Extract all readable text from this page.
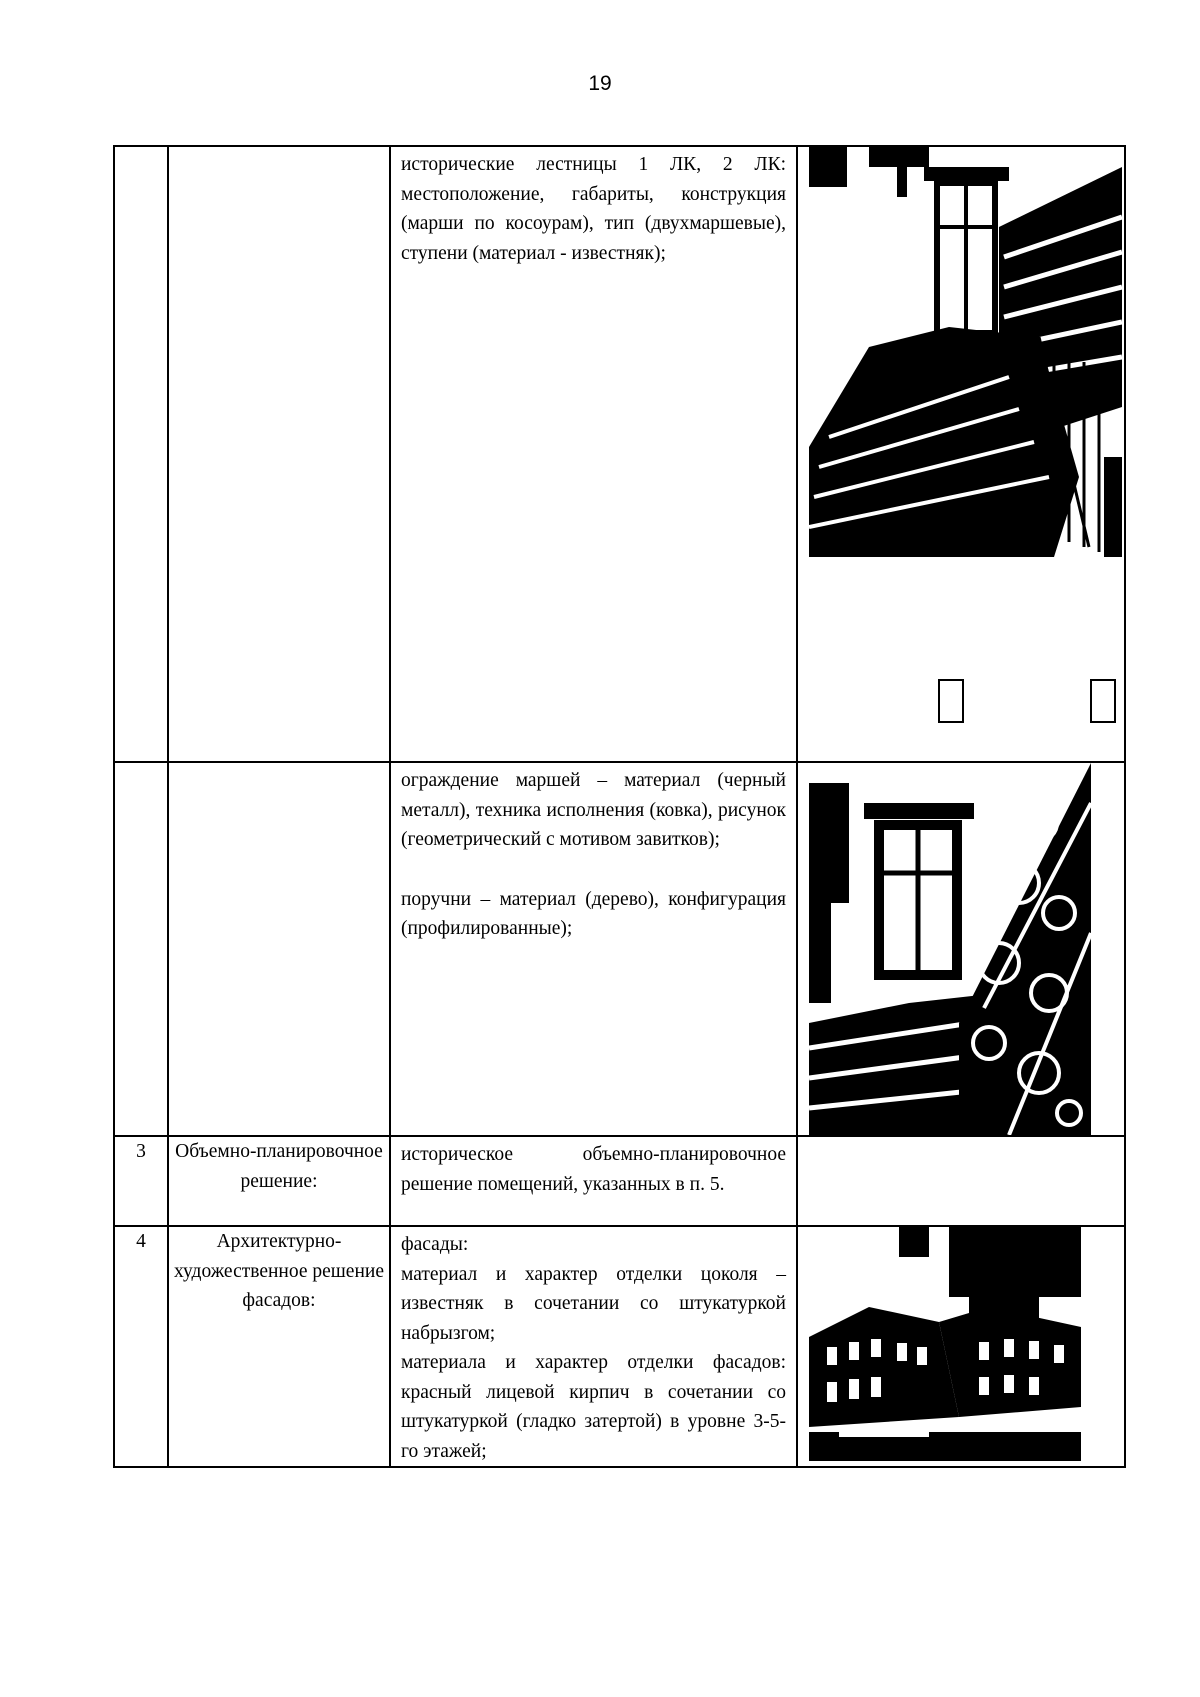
19

		исторические лестницы 1 ЛК, 2 ЛК: местоположение, габариты, конструкция (марши по косоурам), тип (двухмаршевые), ступени (материал - известняк);

		ограждение маршей – материал (черный металл), техника исполнения (ковка), рисунок (геометрический с мотивом завитков);

поручни – материал (дерево), конфигурация (профилированные);

3	Объемно-планировочное решение:	историческое объемно-планировочное решение помещений, указанных в п. 5.	

4	Архитектурно-художественное решение фасадов:	фасады:

материал и характер отделки цоколя – известняк в сочетании со штукатуркой набрызгом;

материала и характер отделки фасадов: красный лицевой кирпич в сочетании со штукатуркой (гладко затертой) в уровне 3-5-го этажей;
